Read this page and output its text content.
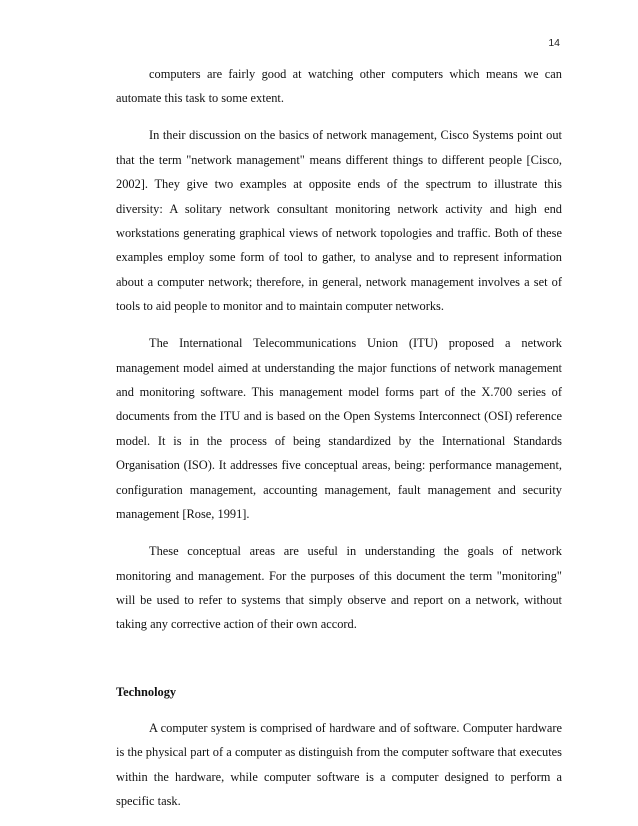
14

computers are fairly good at watching other computers which means we can automate this task to some extent.

In their discussion on the basics of network management, Cisco Systems point out that the term "network management" means different things to different people [Cisco, 2002]. They give two examples at opposite ends of the spectrum to illustrate this diversity: A solitary network consultant monitoring network activity and high end workstations generating graphical views of network topologies and traffic. Both of these examples employ some form of tool to gather, to analyse and to represent information about a computer network; therefore, in general, network management involves a set of tools to aid people to monitor and to maintain computer networks.

The International Telecommunications Union (ITU) proposed a network management model aimed at understanding the major functions of network management and monitoring software. This management model forms part of the X.700 series of documents from the ITU and is based on the Open Systems Interconnect (OSI) reference model. It is in the process of being standardized by the International Standards Organisation (ISO). It addresses five conceptual areas, being: performance management, configuration management, accounting management, fault management and security management [Rose, 1991].

These conceptual areas are useful in understanding the goals of network monitoring and management. For the purposes of this document the term "monitoring" will be used to refer to systems that simply observe and report on a network, without taking any corrective action of their own accord.

Technology

A computer system is comprised of hardware and of software. Computer hardware is the physical part of a computer as distinguish from the computer software that executes within the hardware, while computer software is a computer designed to perform a specific task.
